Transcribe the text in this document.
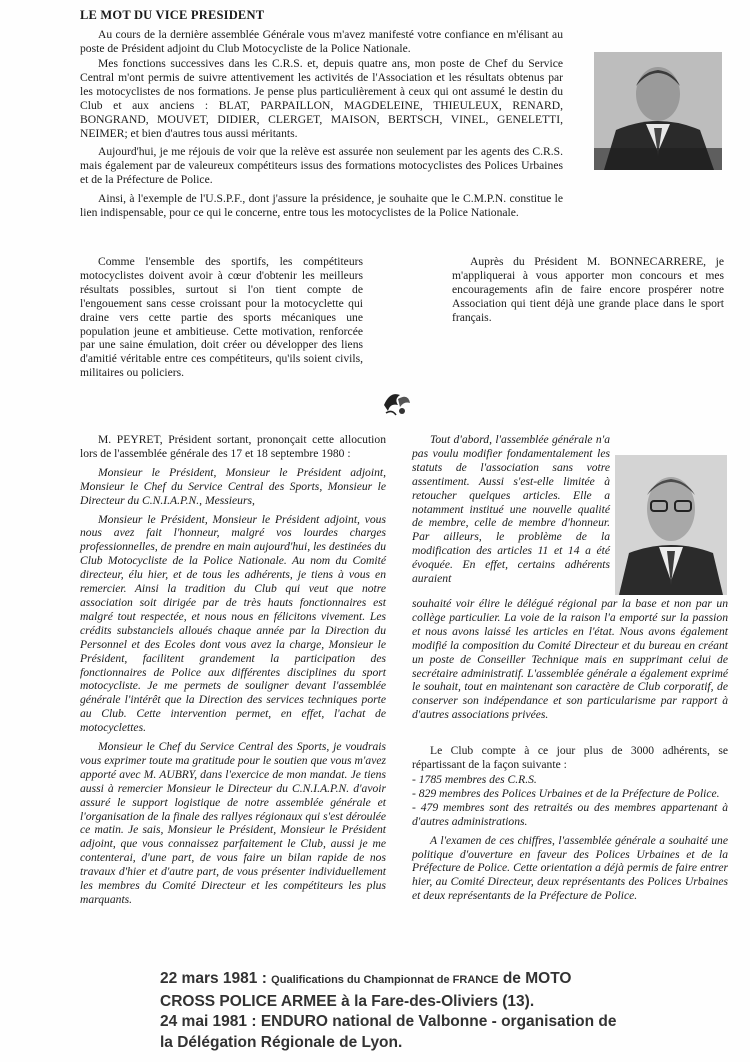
LE MOT DU VICE PRESIDENT

Au cours de la dernière assemblée Générale vous m'avez manifesté votre confiance en m'élisant au poste de Président adjoint du Club Motocycliste de la Police Nationale.

Mes fonctions successives dans les C.R.S. et, depuis quatre ans, mon poste de Chef du Service Central m'ont permis de suivre attentivement les activités de l'Association et les résultats obtenus par les motocyclistes de nos formations. Je pense plus particulièrement à ceux qui ont assumé le destin du Club et aux anciens : BLAT, PARPAILLON, MAGDELEINE, THIEULEUX, RENARD, BONGRAND, MOUVET, DIDIER, CLERGET, MAISON, BERTSCH, VINEL, GENELETTI, NEIMER; et bien d'autres tous aussi méritants.

Aujourd'hui, je me réjouis de voir que la relève est assurée non seulement par les agents des C.R.S. mais également par de valeureux compétiteurs issus des formations motocyclistes des Polices Urbaines et de la Préfecture de Police.

Ainsi, à l'exemple de l'U.S.P.F., dont j'assure la présidence, je souhaite que le C.M.P.N. constitue le lien indispensable, pour ce qui le concerne, entre tous les motocyclistes de la Police Nationale.

Comme l'ensemble des sportifs, les compétiteurs motocyclistes doivent avoir à cœur d'obtenir les meilleurs résultats possibles, surtout si l'on tient compte de l'engouement sans cesse croissant pour la motocyclette qui draine vers cette partie des sports mécaniques une population jeune et ambitieuse. Cette motivation, renforcée par une saine émulation, doit créer ou développer des liens d'amitié véritable entre ces compétiteurs, qu'ils soient civils, militaires ou policiers.

Auprès du Président M. BONNECARRERE, je m'appliquerai à vous apporter mon concours et mes encouragements afin de faire encore prospérer notre Association qui tient déjà une grande place dans le sport français.

M. PEYRET, Président sortant, prononçait cette allocution lors de l'assemblée générale des 17 et 18 septembre 1980 :

Monsieur le Président, Monsieur le Président adjoint, Monsieur le Chef du Service Central des Sports, Monsieur le Directeur du C.N.I.A.P.N., Messieurs,

Monsieur le Président, Monsieur le Président adjoint, vous nous avez fait l'honneur, malgré vos lourdes charges professionnelles, de prendre en main aujourd'hui, les destinées du Club Motocycliste de la Police Nationale. Au nom du Comité directeur, élu hier, et de tous les adhérents, je tiens à vous en remercier. Ainsi la tradition du Club qui veut que notre association soit dirigée par de très hauts fonctionnaires est malgré tout respectée, et nous nous en félicitons vivement. Les crédits substanciels alloués chaque année par la Direction du Personnel et des Ecoles dont vous avez la charge, Monsieur le Président, facilitent grandement la participation des fonctionnaires de Police aux différentes disciplines du sport motocycliste. Je me permets de souligner devant l'assemblée générale l'intérêt que la Direction des services techniques porte au Club. Cette intervention permet, en effet, l'achat de motocyclettes.

Monsieur le Chef du Service Central des Sports, je voudrais vous exprimer toute ma gratitude pour le soutien que vous m'avez apporté avec M. AUBRY, dans l'exercice de mon mandat. Je tiens aussi à remercier Monsieur le Directeur du C.N.I.A.P.N. d'avoir assuré le support logistique de notre assemblée générale et l'organisation de la finale des rallyes régionaux qui s'est déroulée ce matin. Je sais, Monsieur le Président, Monsieur le Président adjoint, que vous connaissez parfaitement le Club, aussi je me contenterai, d'une part, de vous faire un bilan rapide de nos travaux d'hier et d'autre part, de vous présenter individuellement les membres du Comité Directeur et les compétiteurs les plus marquants.

Tout d'abord, l'assemblée générale n'a pas voulu modifier fondamentalement les statuts de l'association sans votre assentiment. Aussi s'est-elle limitée à retoucher quelques articles. Elle a notamment institué une nouvelle qualité de membre, celle de membre d'honneur. Par ailleurs, le problème de la modification des articles 11 et 14 a été évoquée. En effet, certains adhérents auraient

souhaité voir élire le délégué régional par la base et non par un collège particulier. La voie de la raison l'a emporté sur la passion et nous avons laissé les articles en l'état. Nous avons également modifié la composition du Comité Directeur et du bureau en créant un poste de Conseiller Technique mais en supprimant celui de secrétaire administratif. L'assemblée générale a également exprimé le souhait, tout en maintenant son caractère de Club corporatif, de conserver son indépendance et son particularisme par rapport à d'autres associations privées.

Le Club compte à ce jour plus de 3000 adhérents, se répartissant de la façon suivante :

- 1785 membres des C.R.S.
- 829 membres des Polices Urbaines et de la Préfecture de Police.
- 479 membres sont des retraités ou des membres appartenant à d'autres administrations.

A l'examen de ces chiffres, l'assemblée générale a souhaité une politique d'ouverture en faveur des Polices Urbaines et de la Préfecture de Police. Cette orientation a déjà permis de faire entrer hier, au Comité Directeur, deux représentants des Polices Urbaines et deux représentants de la Préfecture de Police.

22 mars 1981 : Qualifications du Championnat de FRANCE de MOTO
CROSS POLICE ARMEE à la Fare-des-Oliviers (13).
24 mai 1981 : ENDURO national de Valbonne - organisation de
la Délégation Régionale de Lyon.
